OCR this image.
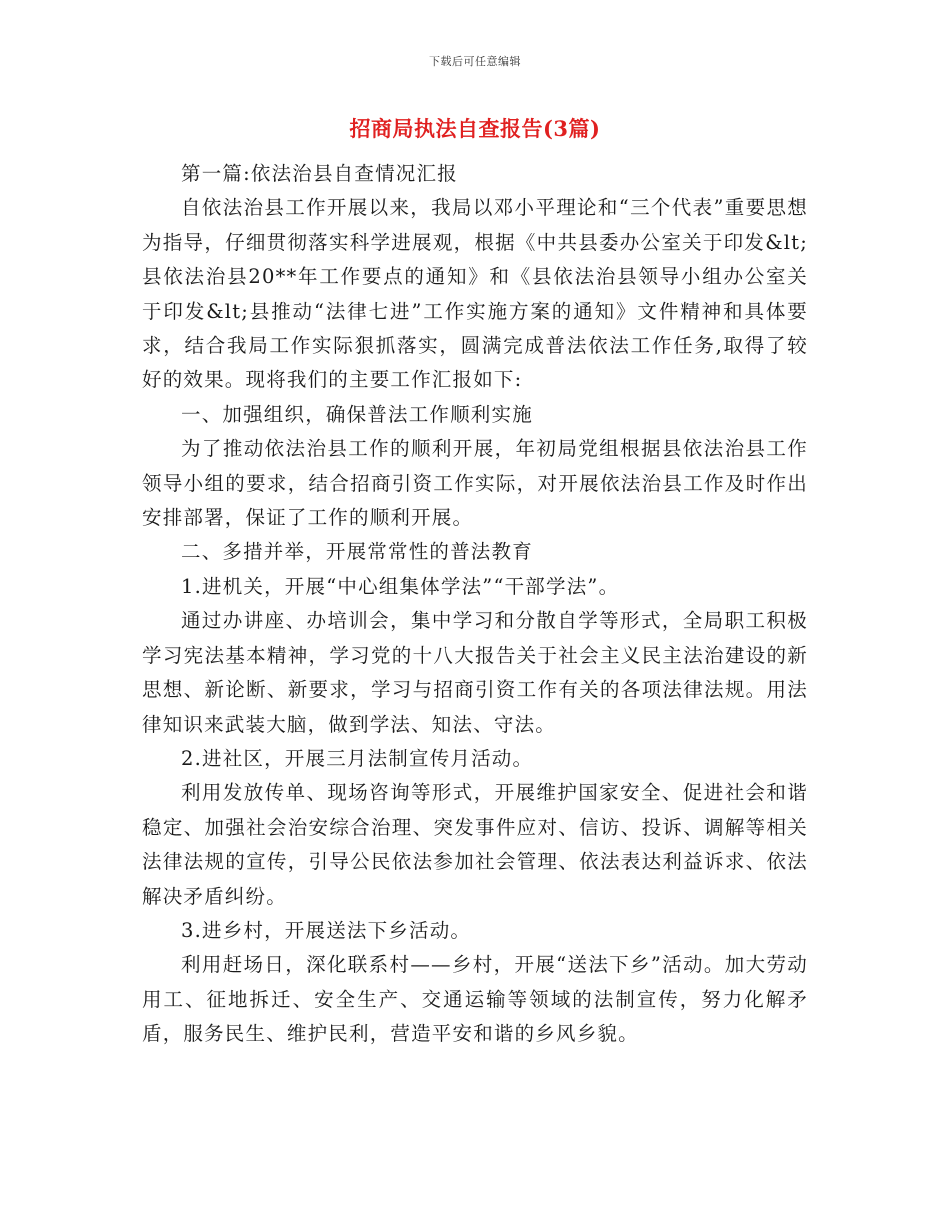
下载后可任意编辑
招商局执法自查报告(3篇)

第一篇:依法治县自查情况汇报

自依法治县工作开展以来，我局以邓小平理论和“三个代表”重要思想为指导，仔细贯彻落实科学进展观，根据《中共县委办公室关于印发&lt;县依法治县20**年工作要点的通知》和《县依法治县领导小组办公室关于印发&lt;县推动“法律七进”工作实施方案的通知》文件精神和具体要求，结合我局工作实际狠抓落实，圆满完成普法依法工作任务,取得了较好的效果。现将我们的主要工作汇报如下:

一、加强组织，确保普法工作顺利实施

为了推动依法治县工作的顺利开展，年初局党组根据县依法治县工作领导小组的要求，结合招商引资工作实际，对开展依法治县工作及时作出安排部署，保证了工作的顺利开展。

二、多措并举，开展常常性的普法教育

1.进机关，开展“中心组集体学法”“干部学法”。

通过办讲座、办培训会，集中学习和分散自学等形式，全局职工积极学习宪法基本精神，学习党的十八大报告关于社会主义民主法治建设的新思想、新论断、新要求，学习与招商引资工作有关的各项法律法规。用法律知识来武装大脑，做到学法、知法、守法。

2.进社区，开展三月法制宣传月活动。

利用发放传单、现场咨询等形式，开展维护国家安全、促进社会和谐稳定、加强社会治安综合治理、突发事件应对、信访、投诉、调解等相关法律法规的宣传，引导公民依法参加社会管理、依法表达利益诉求、依法解决矛盾纠纷。

3.进乡村，开展送法下乡活动。

利用赶场日，深化联系村——乡村，开展“送法下乡”活动。加大劳动用工、征地拆迁、安全生产、交通运输等领域的法制宣传，努力化解矛盾，服务民生、维护民利，营造平安和谐的乡风乡貌。
